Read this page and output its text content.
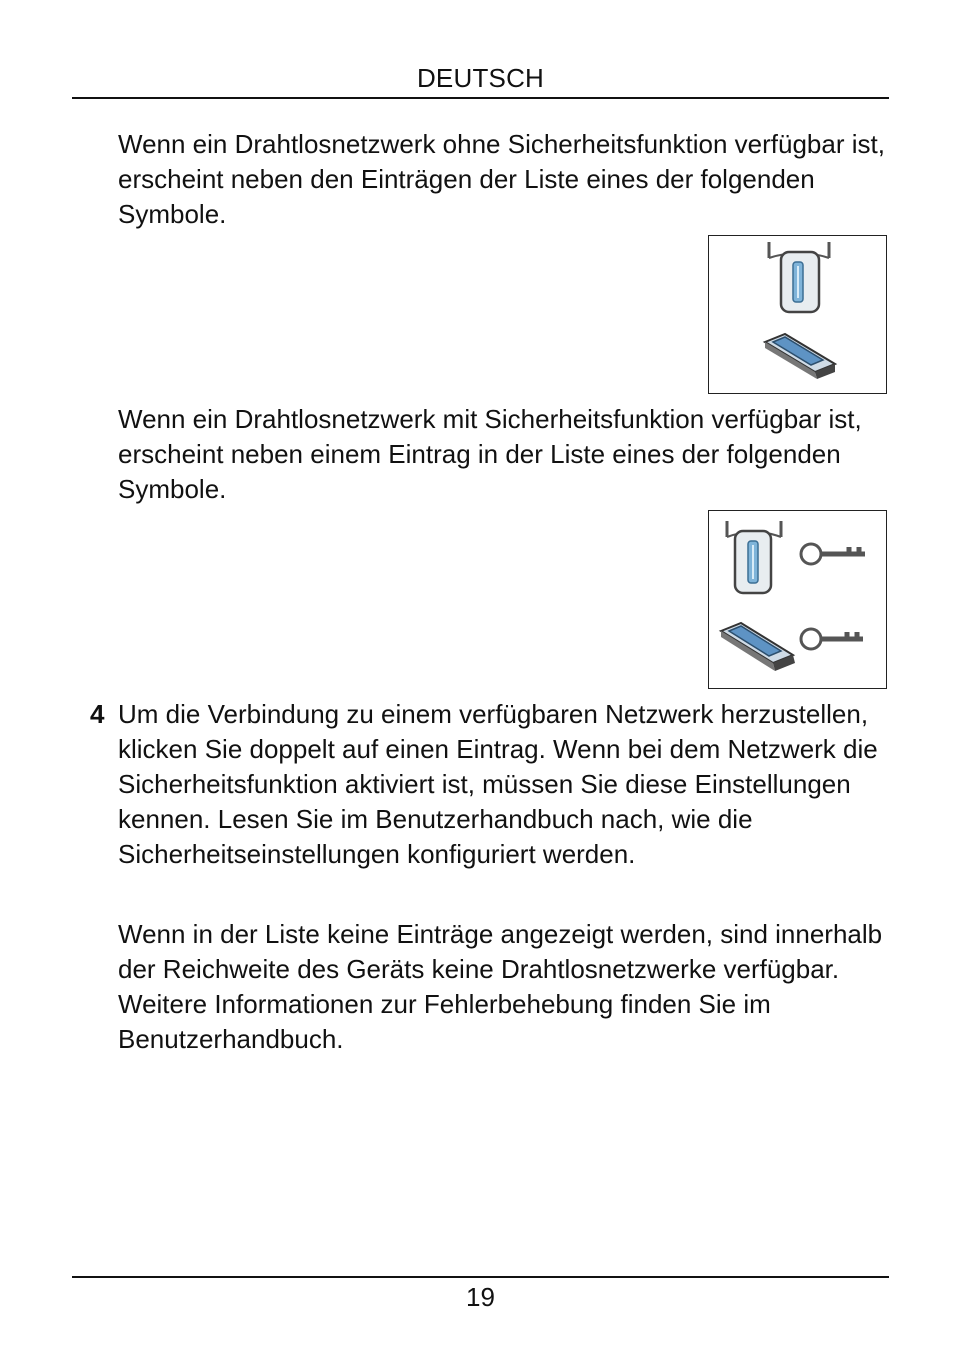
DEUTSCH

Wenn ein Drahtlosnetzwerk ohne Sicherheitsfunktion verfügbar ist, erscheint neben den Einträgen der Liste eines der folgenden Symbole.

Wenn ein Drahtlosnetzwerk mit Sicherheitsfunktion verfügbar ist, erscheint neben einem Eintrag in der Liste eines der folgenden Symbole.

4 Um die Verbindung zu einem verfügbaren Netzwerk herzustellen, klicken Sie doppelt auf einen Eintrag. Wenn bei dem Netzwerk die Sicherheitsfunktion aktiviert ist, müssen Sie diese Einstellungen kennen. Lesen Sie im Benutzerhandbuch nach, wie die Sicherheitseinstellungen konfiguriert werden.

Wenn in der Liste keine Einträge angezeigt werden, sind innerhalb der Reichweite des Geräts keine Drahtlosnetzwerke verfügbar. Weitere Informationen zur Fehlerbehebung finden Sie im Benutzerhandbuch.

19
